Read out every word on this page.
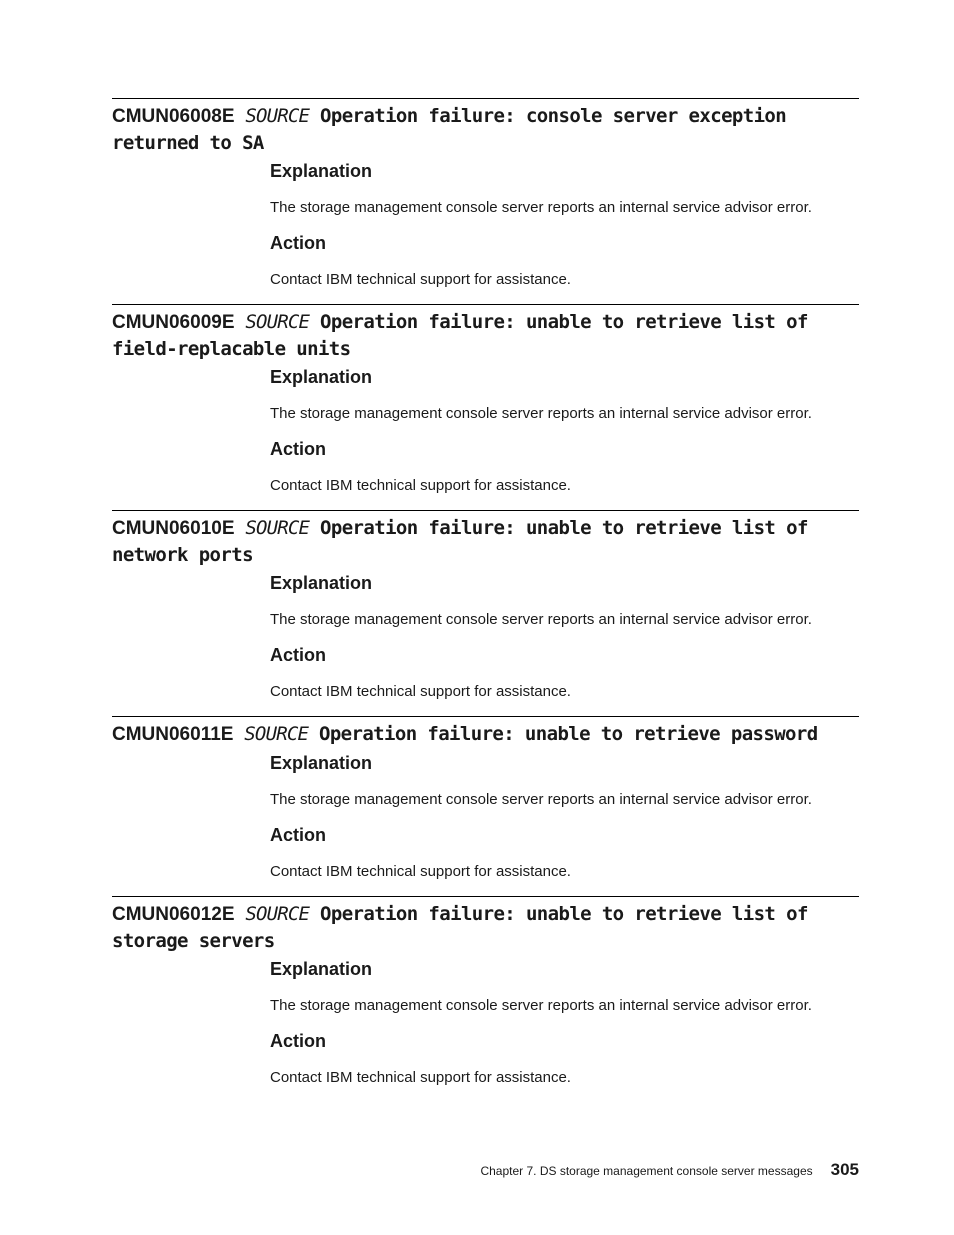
CMUN06008E SOURCE Operation failure: console server exception returned to SA
Explanation

The storage management console server reports an internal service advisor error.

Action

Contact IBM technical support for assistance.

CMUN06009E SOURCE Operation failure: unable to retrieve list of field-replacable units
Explanation

The storage management console server reports an internal service advisor error.

Action

Contact IBM technical support for assistance.

CMUN06010E SOURCE Operation failure: unable to retrieve list of network ports
Explanation

The storage management console server reports an internal service advisor error.

Action

Contact IBM technical support for assistance.

CMUN06011E SOURCE Operation failure: unable to retrieve password
Explanation

The storage management console server reports an internal service advisor error.

Action

Contact IBM technical support for assistance.

CMUN06012E SOURCE Operation failure: unable to retrieve list of storage servers
Explanation

The storage management console server reports an internal service advisor error.

Action

Contact IBM technical support for assistance.

Chapter 7. DS storage management console server messages 305
